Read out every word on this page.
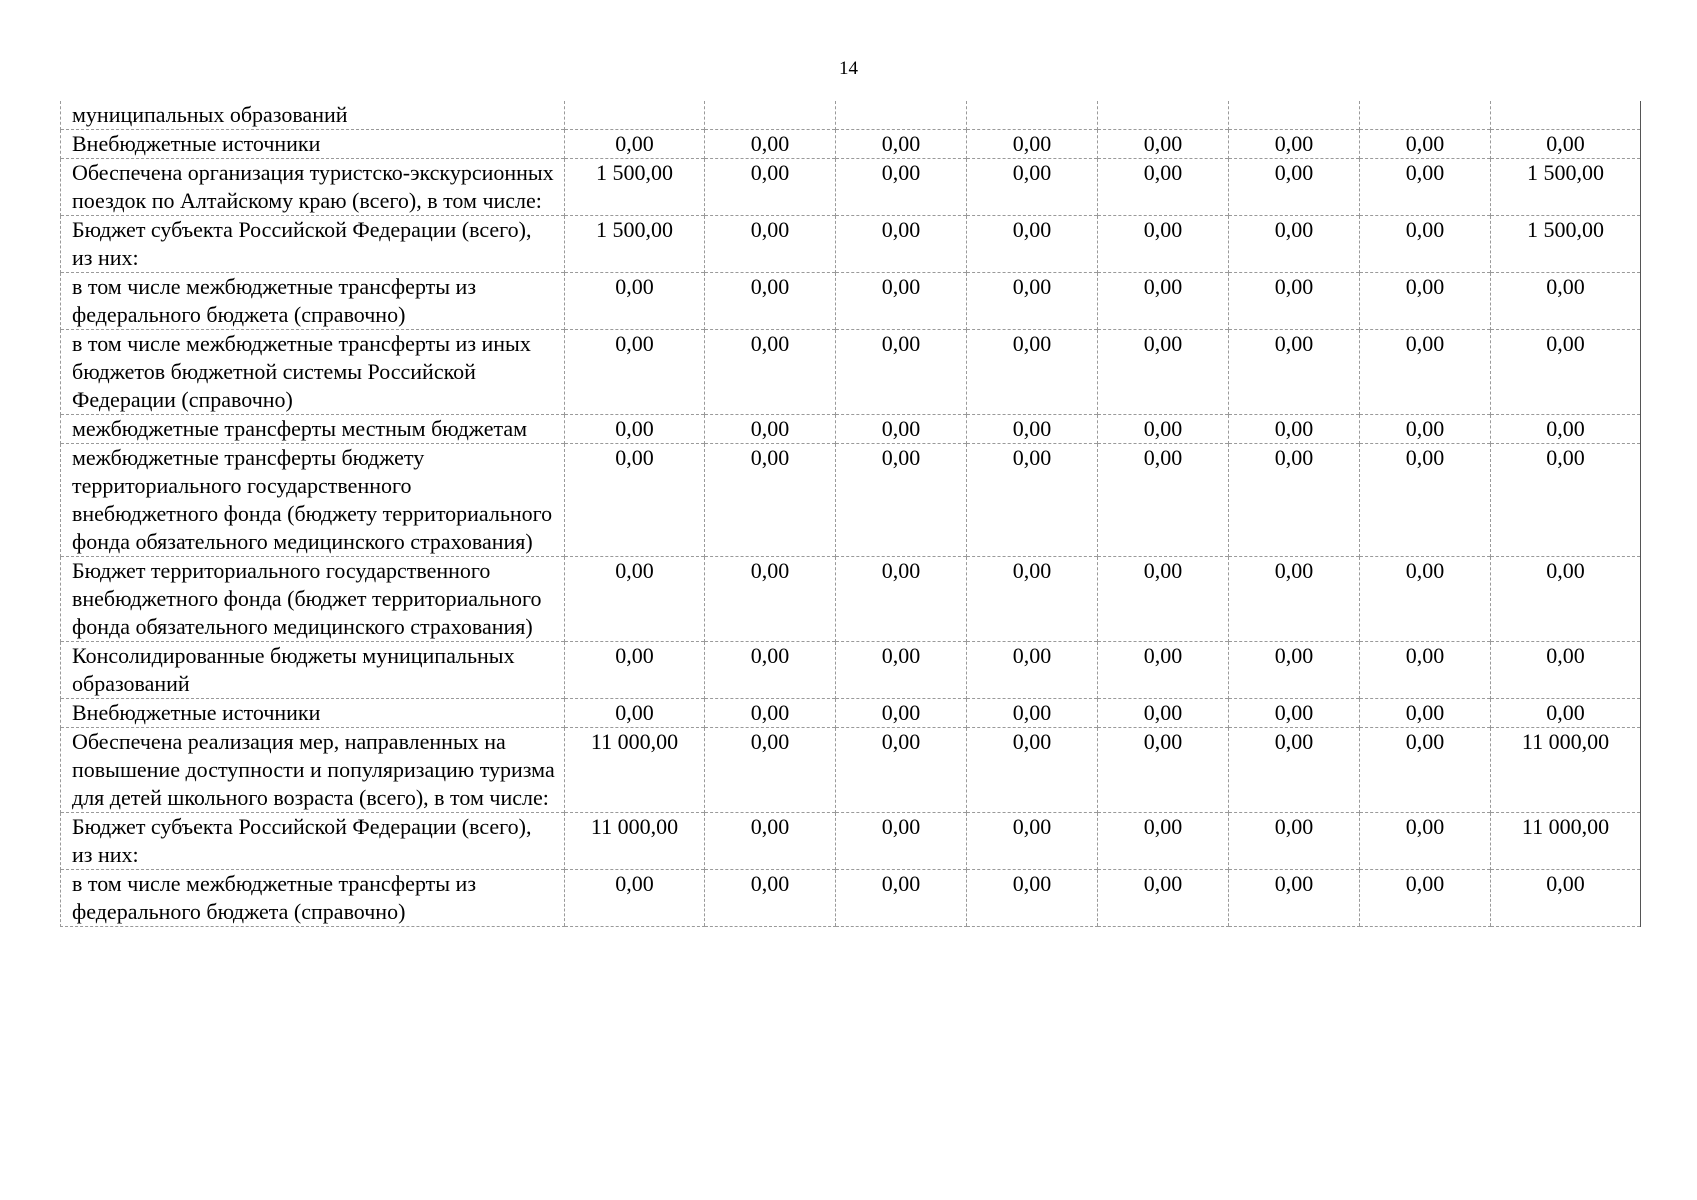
14
муниципальных образований								
Внебюджетные источники	0,00	0,00	0,00	0,00	0,00	0,00	0,00	0,00
Обеспечена организация туристско-экскурсионных поездок по Алтайскому краю (всего), в том числе:	1 500,00	0,00	0,00	0,00	0,00	0,00	0,00	1 500,00
Бюджет субъекта Российской Федерации (всего), из них:	1 500,00	0,00	0,00	0,00	0,00	0,00	0,00	1 500,00
в том числе межбюджетные трансферты из федерального бюджета (справочно)	0,00	0,00	0,00	0,00	0,00	0,00	0,00	0,00
в том числе межбюджетные трансферты из иных бюджетов бюджетной системы Российской Федерации (справочно)	0,00	0,00	0,00	0,00	0,00	0,00	0,00	0,00
межбюджетные трансферты местным бюджетам	0,00	0,00	0,00	0,00	0,00	0,00	0,00	0,00
межбюджетные трансферты бюджету территориального государственного внебюджетного фонда (бюджету территориального фонда обязательного медицинского страхования)	0,00	0,00	0,00	0,00	0,00	0,00	0,00	0,00
Бюджет территориального государственного внебюджетного фонда (бюджет территориального фонда обязательного медицинского страхования)	0,00	0,00	0,00	0,00	0,00	0,00	0,00	0,00
Консолидированные бюджеты муниципальных образований	0,00	0,00	0,00	0,00	0,00	0,00	0,00	0,00
Внебюджетные источники	0,00	0,00	0,00	0,00	0,00	0,00	0,00	0,00
Обеспечена реализация мер, направленных на повышение доступности и популяризацию туризма для детей школьного возраста (всего), в том числе:	11 000,00	0,00	0,00	0,00	0,00	0,00	0,00	11 000,00
Бюджет субъекта Российской Федерации (всего), из них:	11 000,00	0,00	0,00	0,00	0,00	0,00	0,00	11 000,00
в том числе межбюджетные трансферты из федерального бюджета (справочно)	0,00	0,00	0,00	0,00	0,00	0,00	0,00	0,00
